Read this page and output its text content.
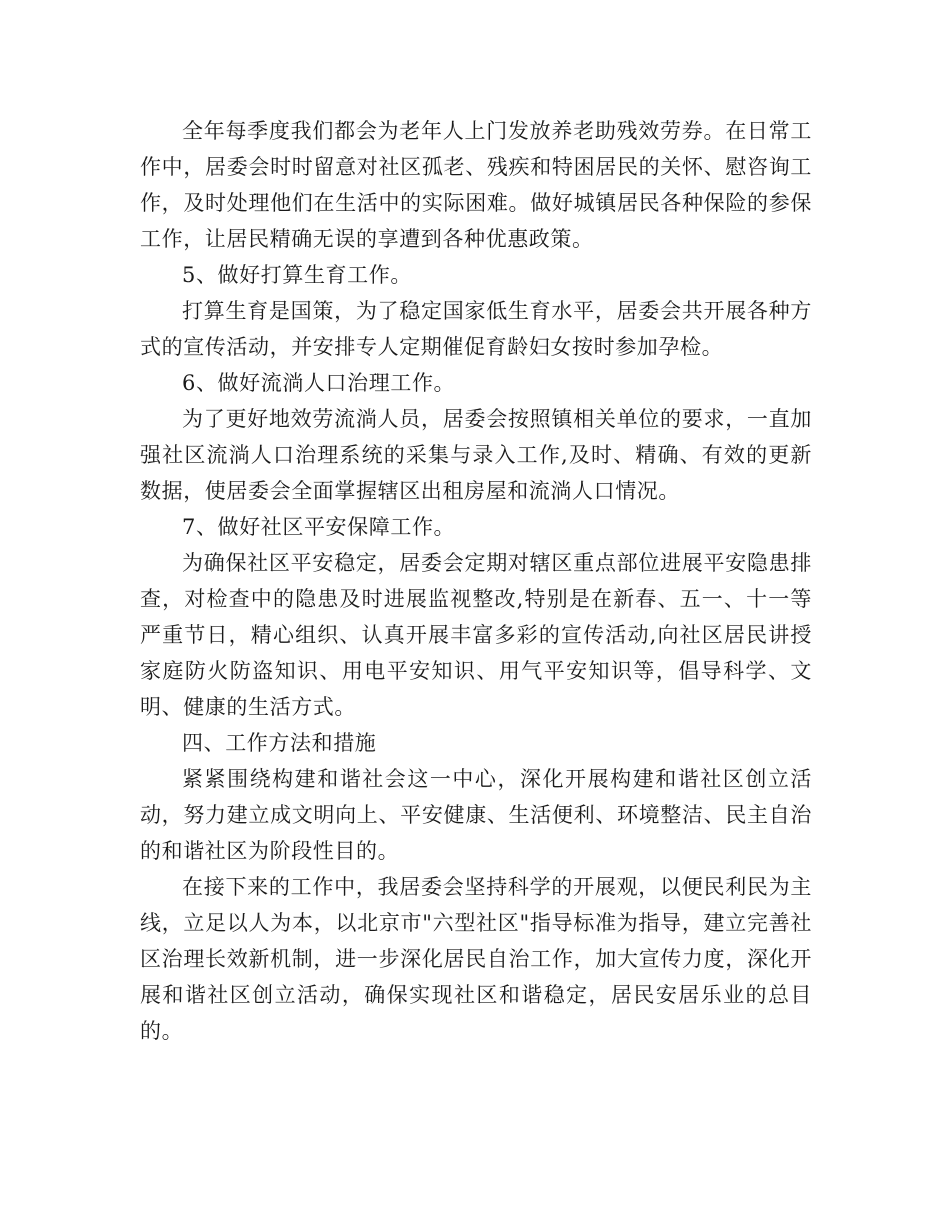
全年每季度我们都会为老年人上门发放养老助残效劳券。在日常工作中，居委会时时留意对社区孤老、残疾和特困居民的关怀、慰咨询工作，及时处理他们在生活中的实际困难。做好城镇居民各种保险的参保工作，让居民精确无误的享遭到各种优惠政策。

5、做好打算生育工作。

打算生育是国策，为了稳定国家低生育水平，居委会共开展各种方式的宣传活动，并安排专人定期催促育龄妇女按时参加孕检。

6、做好流淌人口治理工作。

为了更好地效劳流淌人员，居委会按照镇相关单位的要求，一直加强社区流淌人口治理系统的采集与录入工作,及时、精确、有效的更新数据，使居委会全面掌握辖区出租房屋和流淌人口情况。

7、做好社区平安保障工作。

为确保社区平安稳定，居委会定期对辖区重点部位进展平安隐患排查，对检查中的隐患及时进展监视整改,特别是在新春、五一、十一等严重节日，精心组织、认真开展丰富多彩的宣传活动,向社区居民讲授家庭防火防盗知识、用电平安知识、用气平安知识等，倡导科学、文明、健康的生活方式。

四、工作方法和措施

紧紧围绕构建和谐社会这一中心，深化开展构建和谐社区创立活动，努力建立成文明向上、平安健康、生活便利、环境整洁、民主自治的和谐社区为阶段性目的。

在接下来的工作中，我居委会坚持科学的开展观，以便民利民为主线，立足以人为本，以北京市"六型社区"指导标准为指导，建立完善社区治理长效新机制，进一步深化居民自治工作，加大宣传力度，深化开展和谐社区创立活动，确保实现社区和谐稳定，居民安居乐业的总目的。
